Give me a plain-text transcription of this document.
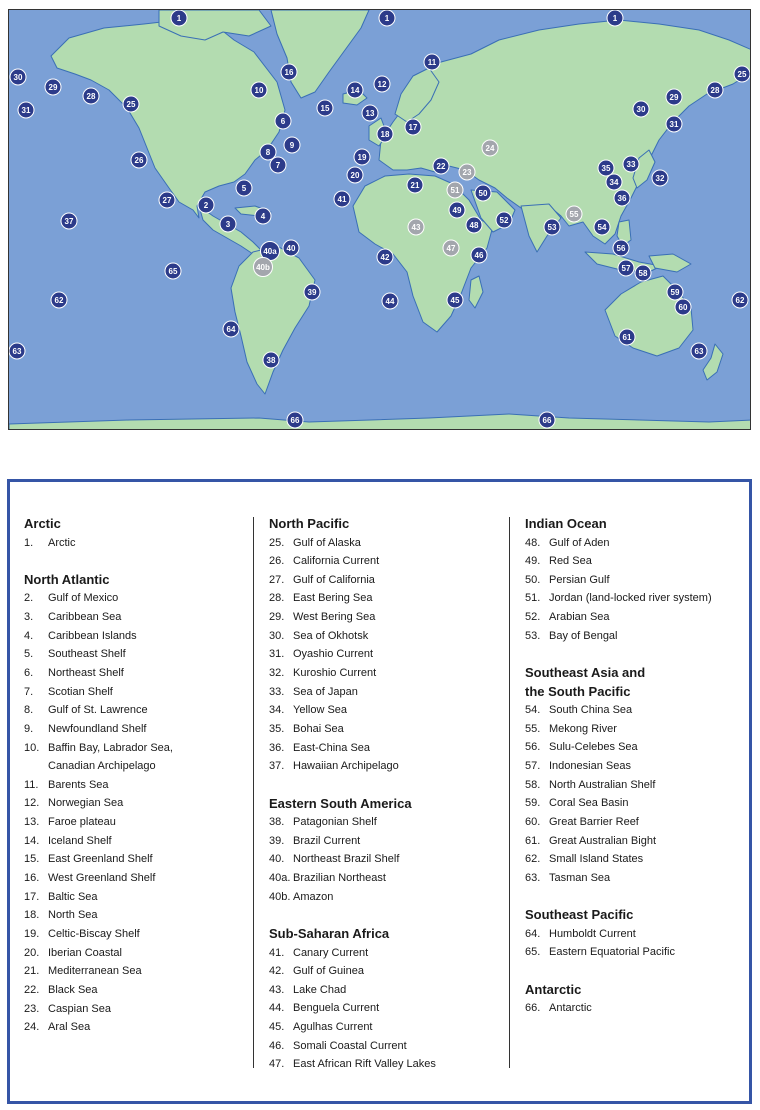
1	1	1
30
29
28
25
31
10
16
12
11
14
15
13
6
9
8
7
26
5
27
2
3
4
37
65
40a 40
40b
62
39
64
63
38
66
17
18
19
20
41
21
22
24
23
51 50
49
48
43
47
42	46
44	45
52
53
55
54
56
57
58
35 33
34
36
32
30
29
31
28
25
59
60
62
61
63
66
Arctic
1. Arctic
North Atlantic
2. Gulf of Mexico
3. Caribbean Sea
4. Caribbean Islands
5. Southeast Shelf
6. Northeast Shelf
7. Scotian Shelf
8. Gulf of St. Lawrence
9. Newfoundland Shelf
10. Baffin Bay, Labrador Sea,
Canadian Archipelago
11. Barents Sea
12. Norwegian Sea
13. Faroe plateau
14. Iceland Shelf
15. East Greenland Shelf
16. West Greenland Shelf
17. Baltic Sea
18. North Sea
19. Celtic-Biscay Shelf
20. Iberian Coastal
21. Mediterranean Sea
22. Black Sea
23. Caspian Sea
24. Aral Sea
North Pacific
25. Gulf of Alaska
26. California Current
27. Gulf of California
28. East Bering Sea
29. West Bering Sea
30. Sea of Okhotsk
31. Oyashio Current
32. Kuroshio Current
33. Sea of Japan
34. Yellow Sea
35. Bohai Sea
36. East-China Sea
37. Hawaiian Archipelago
Eastern South America
38. Patagonian Shelf
39. Brazil Current
40. Northeast Brazil Shelf
40a. Brazilian Northeast
40b. Amazon
Sub-Saharan Africa
41. Canary Current
42. Gulf of Guinea
43. Lake Chad
44. Benguela Current
45. Agulhas Current
46. Somali Coastal Current
47. East African Rift Valley Lakes
Indian Ocean
48. Gulf of Aden
49. Red Sea
50. Persian Gulf
51. Jordan (land-locked river system)
52. Arabian Sea
53. Bay of Bengal
Southeast Asia and
the South Pacific
54. South China Sea
55. Mekong River
56. Sulu-Celebes Sea
57. Indonesian Seas
58. North Australian Shelf
59. Coral Sea Basin
60. Great Barrier Reef
61. Great Australian Bight
62. Small Island States
63. Tasman Sea
Southeast Pacific
64. Humboldt Current
65. Eastern Equatorial Pacific
Antarctic
66. Antarctic
